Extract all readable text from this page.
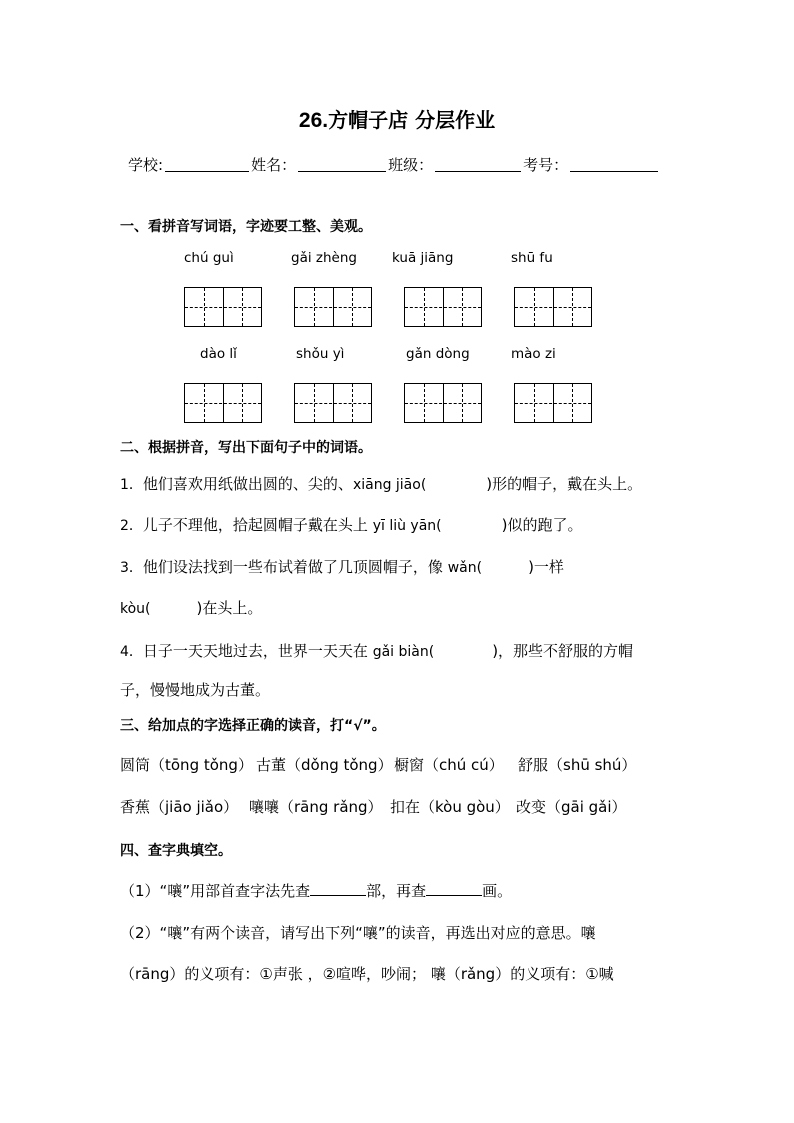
26.方帽子店 分层作业
学校:	姓名：	班级：	考号：
一、看拼音写词语，字迹要工整、美观。
chú guì	gǎi zhèng	kuā jiāng	shū fu
dào lǐ	shǒu yì	gǎn dòng	mào zi
二、根据拼音，写出下面句子中的词语。
1．他们喜欢用纸做出圆的、尖的、xiāng jiāo(	)形的帽子，戴在头上。
2．儿子不理他，拾起圆帽子戴在头上 yī liù yān(	)似的跑了。
3．他们设法找到一些布试着做了几顶圆帽子，像 wǎn(	)一样
kòu(	)在头上。
4．日子一天天地过去，世界一天天在 gǎi biàn(	)，那些不舒服的方帽
子，慢慢地成为古董。
三、给加点的字选择正确的读音，打“√”。
圆筒（tōng tǒng） 古董（dǒng tǒng） 橱窗（chú cú） 舒服（shū shú）
香蕉（jiāo jiǎo） 嚷嚷（rāng rǎng） 扣在（kòu gòu） 改变（gāi gǎi）
四、查字典填空。
（1）“嚷”用部首查字法先查	部，再查	画。
（2）“嚷”有两个读音，请写出下列“嚷”的读音，再选出对应的意思。嚷
（rāng）的义项有：①声张 ，②喧哗，吵闹； 嚷（rǎng）的义项有：①喊
